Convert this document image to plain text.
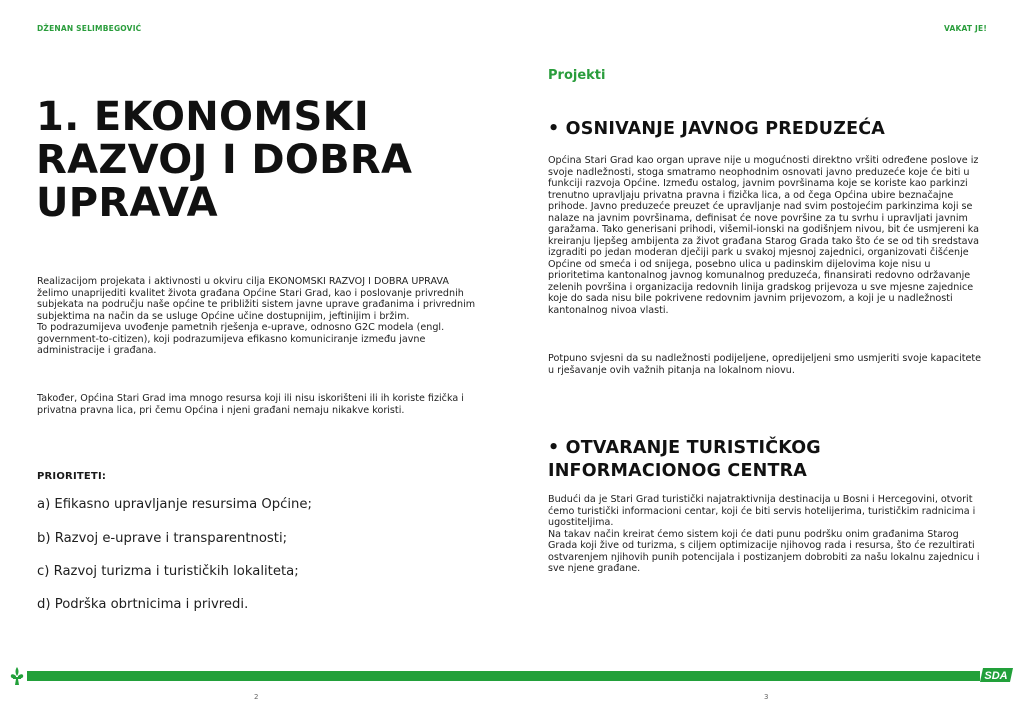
DŽENAN SELIMBEGOVIĆ	VAKAT JE!
1. EKONOMSKI RAZVOJ I DOBRA UPRAVA
Realizacijom projekata i aktivnosti u okviru cilja EKONOMSKI RAZVOJ I DOBRA UPRAVA želimo unaprijediti kvalitet života građana Općine Stari Grad, kao i poslovanje privrednih subjekata na području naše općine te približiti sistem javne uprave građanima i privrednim subjektima na način da se usluge Općine učine dostupnijim, jeftinijim i bržim.
To podrazumijeva uvođenje pametnih rješenja e-uprave, odnosno G2C modela (engl. government-to-citizen), koji podrazumijeva efikasno komuniciranje između javne administracije i građana.
Također, Općina Stari Grad ima mnogo resursa koji ili nisu iskorišteni ili ih koriste fizička i privatna pravna lica, pri čemu Općina i njeni građani nemaju nikakve koristi.
PRIORITETI:
a) Efikasno upravljanje resursima Općine;
b) Razvoj e-uprave i transparentnosti;
c) Razvoj turizma i turističkih lokaliteta;
d) Podrška obrtnicima i privredi.
Projekti
• OSNIVANJE JAVNOG PREDUZEĆA
Općina Stari Grad kao organ uprave nije u mogućnosti direktno vršiti određene poslove iz svoje nadležnosti, stoga smatramo neophodnim osnovati javno preduzeće koje će biti u funkciji razvoja Općine. Između ostalog, javnim površinama koje se koriste kao parkinzi trenutno upravljaju privatna pravna i fizička lica, a od čega Općina ubire beznačajne prihode. Javno preduzeće preuzet će upravljanje nad svim postojećim parkinzima koji se nalaze na javnim površinama, definisat će nove površine za tu svrhu i upravljati javnim garažama. Tako generisani prihodi, višemil-ionski na godišnjem nivou, bit će usmjereni ka kreiranju ljepšeg ambijenta za život građana Starog Grada tako što će se od tih sredstava izgraditi po jedan moderan dječiji park u svakoj mjesnoj zajednici, organizovati čišćenje Općine od smeća i od snijega, posebno ulica u padinskim dijelovima koje nisu u prioritetima kantonalnog javnog komunalnog preduzeća, finansirati redovno održavanje zelenih površina i organizacija redovnih linija gradskog prijevoza u sve mjesne zajednice koje do sada nisu bile pokrivene redovnim javnim prijevozom, a koji je u nadležnosti kantonalnog nivoa vlasti.
Potpuno svjesni da su nadležnosti podijeljene, opredijeljeni smo usmjeriti svoje kapacitete u rješavanje ovih važnih pitanja na lokalnom niovu.
• OTVARANJE TURISTIČKOG INFORMACIONOG CENTRA
Budući da je Stari Grad turistički najatraktivnija destinacija u Bosni i Hercegovini, otvorit ćemo turistički informacioni centar, koji će biti servis hotelijerima, turističkim radnicima i ugostiteljima.
Na takav način kreirat ćemo sistem koji će dati punu podršku onim građanima Starog Grada koji žive od turizma, s ciljem optimizacije njihovog rada i resursa, što će rezultirati ostvarenjem njihovih punih potencijala i postizanjem dobrobiti za našu lokalnu zajednicu i sve njene građane.
SDA
2	3
